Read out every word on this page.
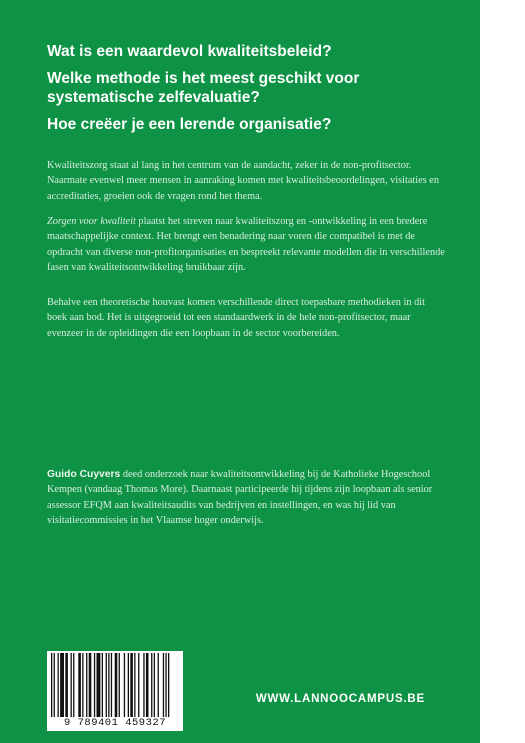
Wat is een waardevol kwaliteitsbeleid?

Welke methode is het meest geschikt voor systematische zelfevaluatie?

Hoe creëer je een lerende organisatie?

Kwaliteitszorg staat al lang in het centrum van de aandacht, zeker in de non-profitsector. Naarmate evenwel meer mensen in aanraking komen met kwaliteitsbeoordelingen, visitaties en accreditaties, groeien ook de vragen rond het thema.

Zorgen voor kwaliteit plaatst het streven naar kwaliteitszorg en -ontwikkeling in een bredere maatschappelijke context. Het brengt een benadering naar voren die compatibel is met de opdracht van diverse non-profitorganisaties en bespreekt relevante modellen die in verschillende fasen van kwaliteitsontwikkeling bruikbaar zijn.

Behalve een theoretische houvast komen verschillende direct toepasbare methodieken in dit boek aan bod. Het is uitgegroeid tot een standaardwerk in de hele non-profitsector, maar evenzeer in de opleidingen die een loopbaan in de sector voorbereiden.

Guido Cuyvers deed onderzoek naar kwaliteitsontwikkeling bij de Katholieke Hogeschool Kempen (vandaag Thomas More). Daarnaast participeerde hij tijdens zijn loopbaan als senior assessor EFQM aan kwaliteitsaudits van bedrijven en instellingen, en was hij lid van visitatiecommissies in het Vlaamse hoger onderwijs.

9 789401 459327
WWW.LANNOOCAMPUS.BE
